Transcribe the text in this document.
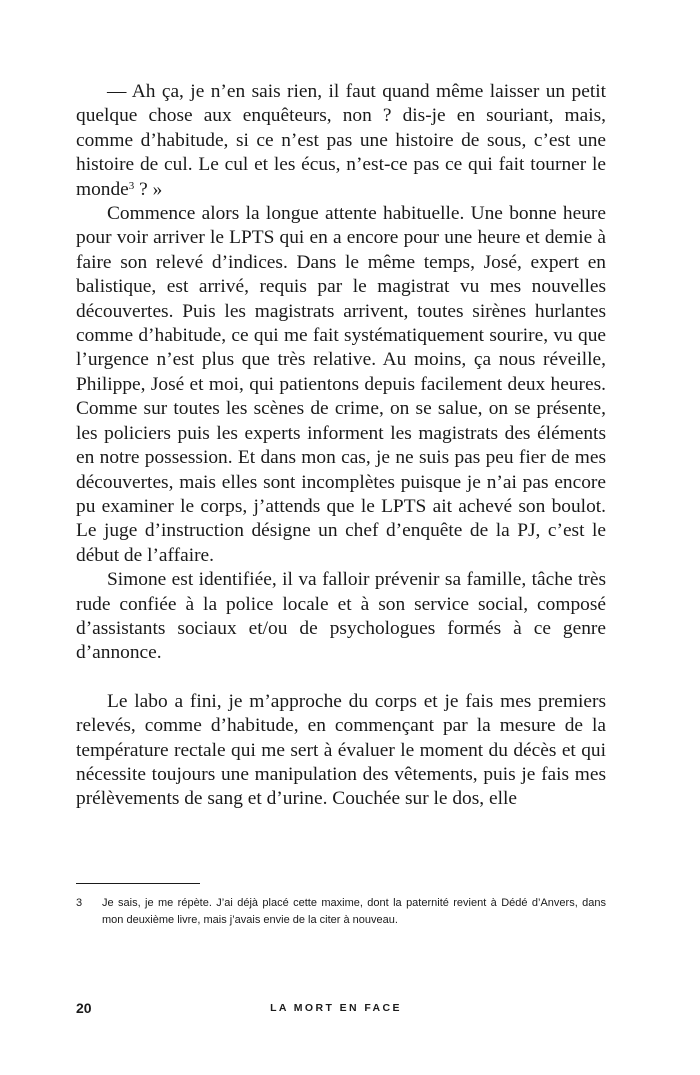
— Ah ça, je n’en sais rien, il faut quand même laisser un petit quelque chose aux enquêteurs, non ? dis-je en souriant, mais, comme d’habitude, si ce n’est pas une histoire de sous, c’est une histoire de cul. Le cul et les écus, n’est-ce pas ce qui fait tourner le monde$^3$ ? »

Commence alors la longue attente habituelle. Une bonne heure pour voir arriver le LPTS qui en a encore pour une heure et demie à faire son relevé d’indices. Dans le même temps, José, expert en balistique, est arrivé, requis par le magistrat vu mes nouvelles découvertes. Puis les magistrats arrivent, toutes sirènes hurlantes comme d’habitude, ce qui me fait systématiquement sourire, vu que l’urgence n’est plus que très relative. Au moins, ça nous réveille, Philippe, José et moi, qui patientons depuis facilement deux heures. Comme sur toutes les scènes de crime, on se salue, on se présente, les policiers puis les experts informent les magistrats des éléments en notre possession. Et dans mon cas, je ne suis pas peu fier de mes découvertes, mais elles sont incomplètes puisque je n’ai pas encore pu examiner le corps, j’attends que le LPTS ait achevé son boulot. Le juge d’instruction désigne un chef d’enquête de la PJ, c’est le début de l’affaire.

Simone est identifiée, il va falloir prévenir sa famille, tâche très rude confiée à la police locale et à son service social, composé d’assistants sociaux et/ou de psychologues formés à ce genre d’annonce.

Le labo a fini, je m’approche du corps et je fais mes premiers relevés, comme d’habitude, en commençant par la mesure de la température rectale qui me sert à évaluer le moment du décès et qui nécessite toujours une manipulation des vêtements, puis je fais mes prélèvements de sang et d’urine. Couchée sur le dos, elle

3	Je sais, je me répète. J’ai déjà placé cette maxime, dont la paternité revient à Dédé d’Anvers, dans mon deuxième livre, mais j’avais envie de la citer à nouveau.
20	LA MORT EN FACE
